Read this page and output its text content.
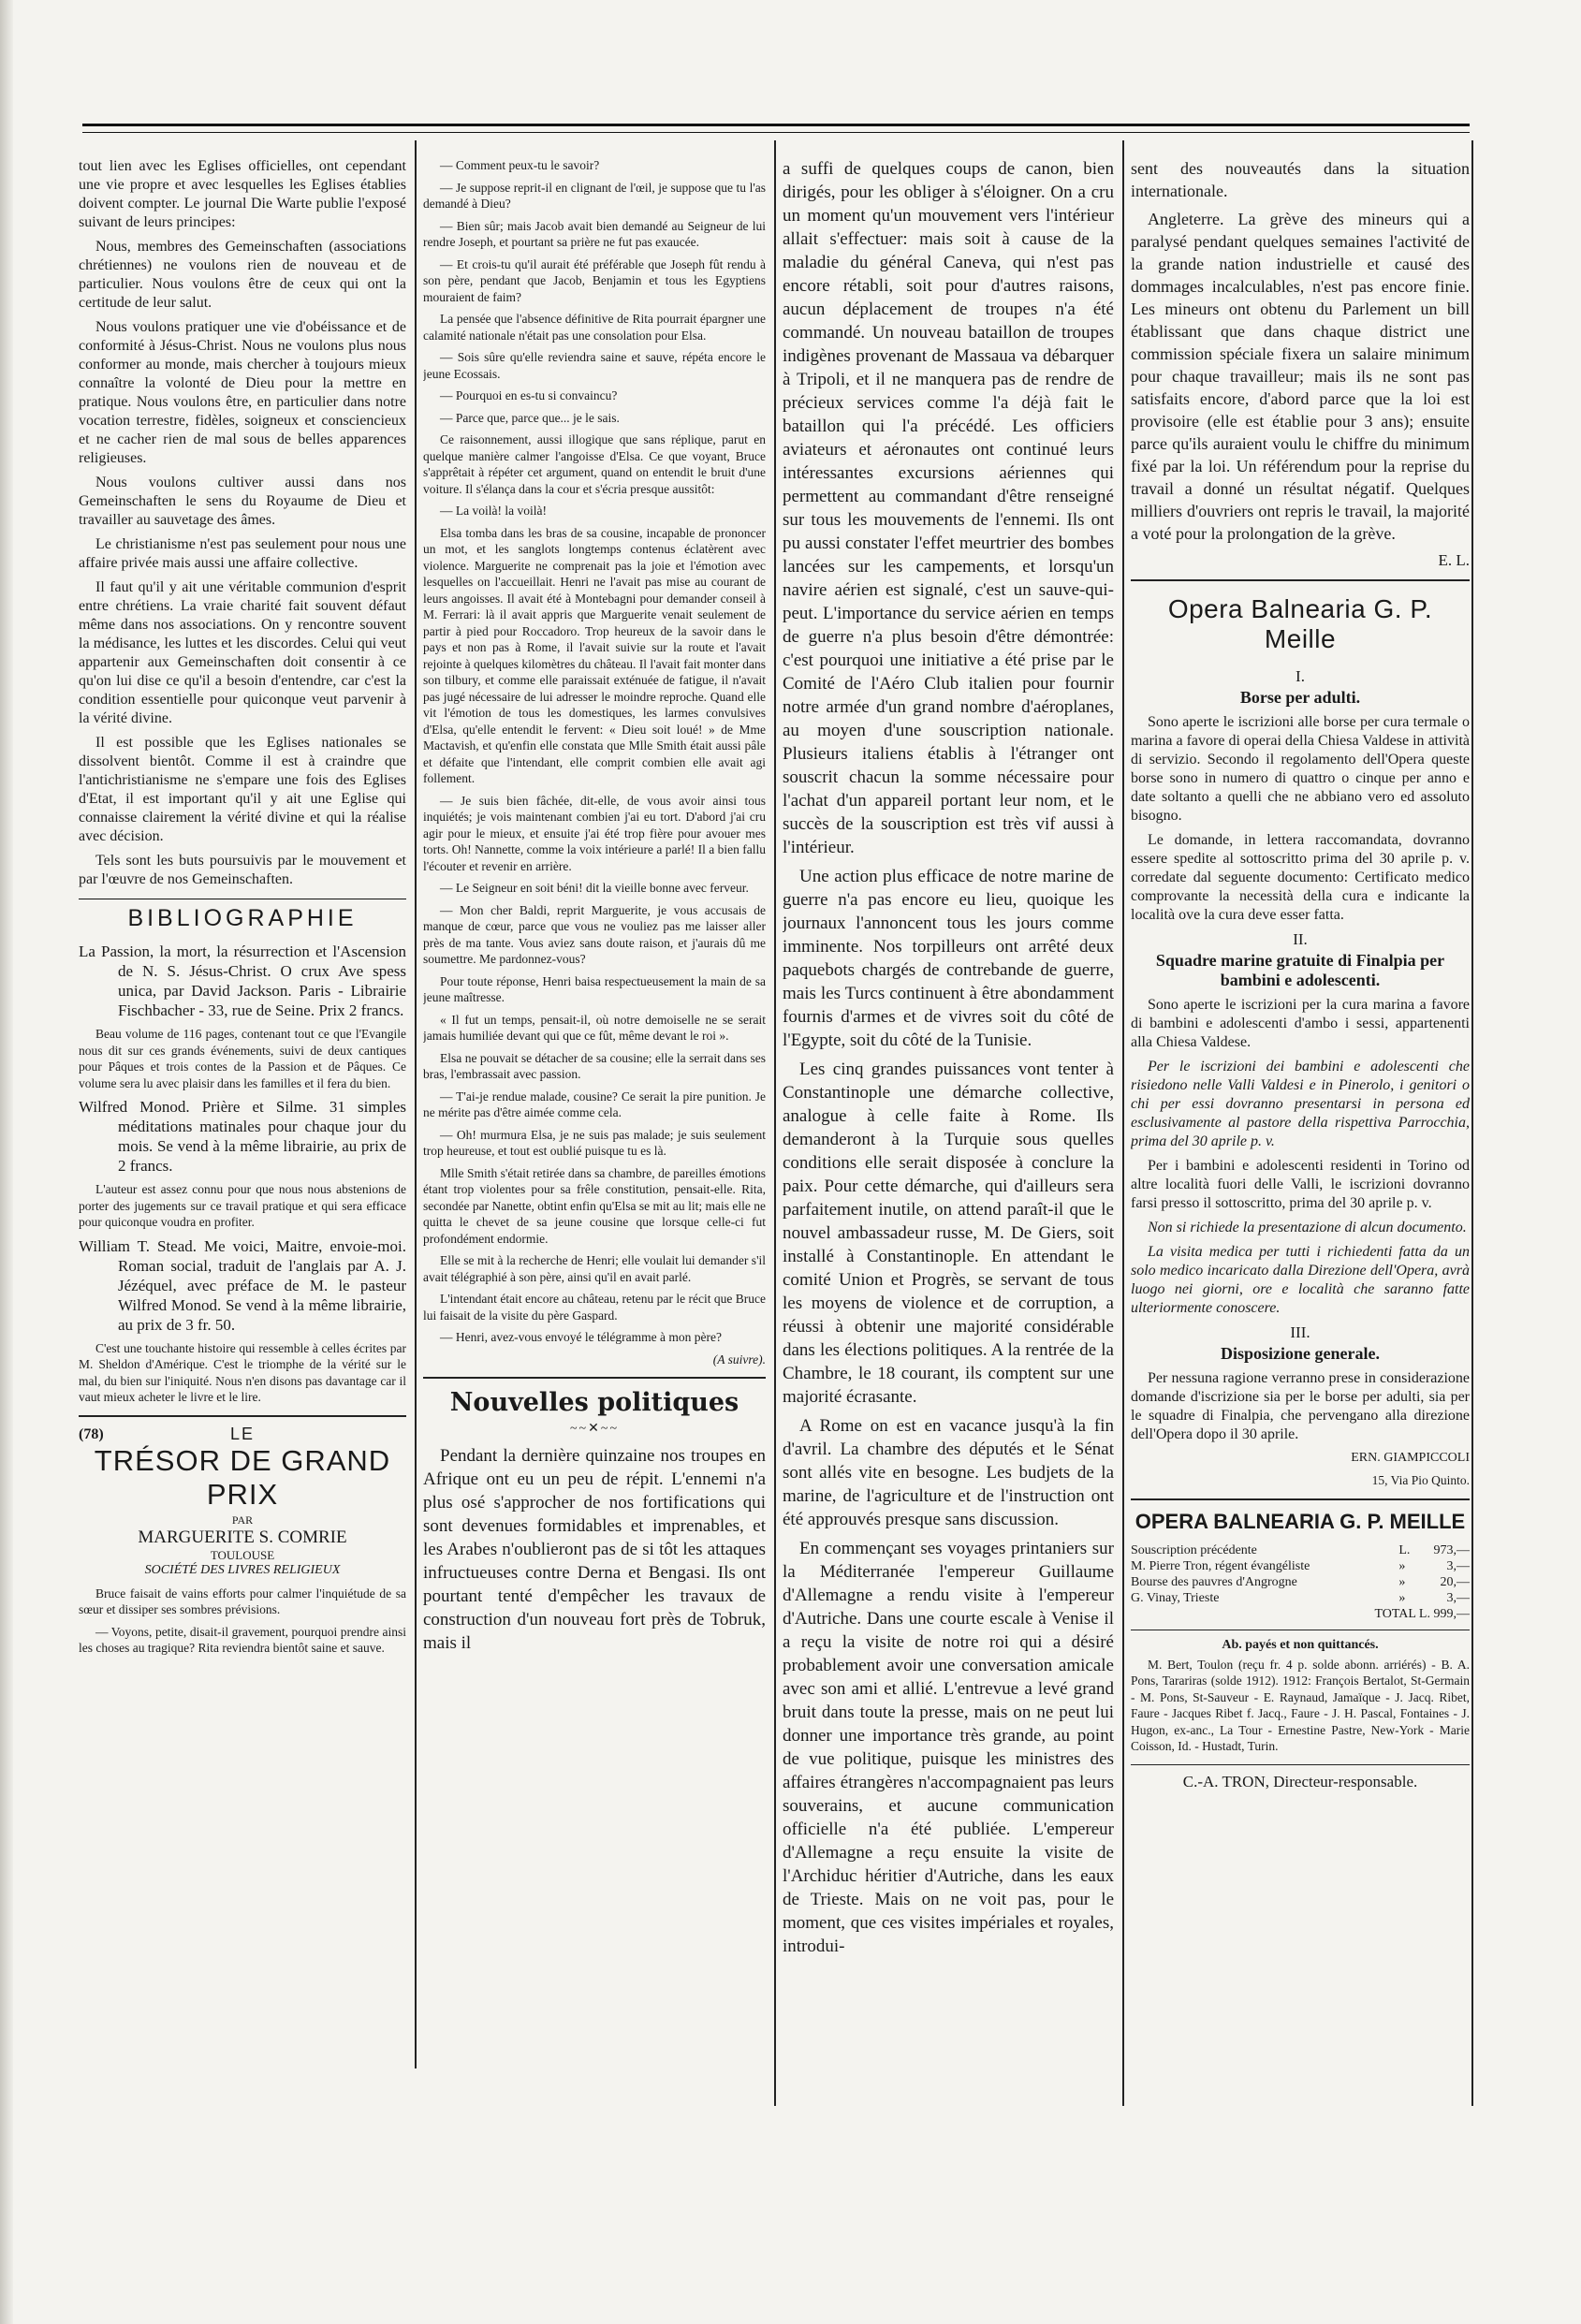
tout lien avec les Eglises officielles, ont cependant une vie propre et avec lesquelles les Eglises établies doivent compter. Le journal Die Warte publie l'exposé suivant de leurs principes:

Nous, membres des Gemeinschaften (associations chrétiennes) ne voulons rien de nouveau et de particulier. Nous voulons être de ceux qui ont la certitude de leur salut.

Nous voulons pratiquer une vie d'obéissance et de conformité à Jésus-Christ. Nous ne voulons plus nous conformer au monde, mais chercher à toujours mieux connaître la volonté de Dieu pour la mettre en pratique. Nous voulons être, en particulier dans notre vocation terrestre, fidèles, soigneux et consciencieux et ne cacher rien de mal sous de belles apparences religieuses.

Nous voulons cultiver aussi dans nos Gemeinschaften le sens du Royaume de Dieu et travailler au sauvetage des âmes.

Le christianisme n'est pas seulement pour nous une affaire privée mais aussi une affaire collective.

Il faut qu'il y ait une véritable communion d'esprit entre chrétiens. La vraie charité fait souvent défaut même dans nos associations. On y rencontre souvent la médisance, les luttes et les discordes. Celui qui veut appartenir aux Gemeinschaften doit consentir à ce qu'on lui dise ce qu'il a besoin d'entendre, car c'est la condition essentielle pour quiconque veut parvenir à la vérité divine.

Il est possible que les Eglises nationales se dissolvent bientôt. Comme il est à craindre que l'antichristianisme ne s'empare une fois des Eglises d'Etat, il est important qu'il y ait une Eglise qui connaisse clairement la vérité divine et qui la réalise avec décision.

Tels sont les buts poursuivis par le mouvement et par l'œuvre de nos Gemeinschaften.

BIBLIOGRAPHIE

La Passion, la mort, la résurrection et l'Ascension de N. S. Jésus-Christ. O crux Ave spess unica, par David Jackson. Paris - Librairie Fischbacher - 33, rue de Seine. Prix 2 francs.

Beau volume de 116 pages, contenant tout ce que l'Evangile nous dit sur ces grands événements, suivi de deux cantiques pour Pâques et trois contes de la Passion et de Pâques. Ce volume sera lu avec plaisir dans les familles et il fera du bien.

Wilfred Monod. Prière et Silme. 31 simples méditations matinales pour chaque jour du mois. Se vend à la même librairie, au prix de 2 francs.

L'auteur est assez connu pour que nous nous abstenions de porter des jugements sur ce travail pratique et qui sera efficace pour quiconque voudra en profiter.

William T. Stead. Me voici, Maitre, envoie-moi. Roman social, traduit de l'anglais par A. J. Jézéquel, avec préface de M. le pasteur Wilfred Monod. Se vend à la même librairie, au prix de 3 fr. 50.

C'est une touchante histoire qui ressemble à celles écrites par M. Sheldon d'Amérique. C'est le triomphe de la vérité sur le mal, du bien sur l'iniquité. Nous n'en disons pas davantage car il vaut mieux acheter le livre et le lire.

(78)	LE
TRÉSOR DE GRAND PRIX
PAR
MARGUERITE S. COMRIE
TOULOUSE
SOCIÉTÉ DES LIVRES RELIGIEUX

Bruce faisait de vains efforts pour calmer l'inquiétude de sa sœur et dissiper ses sombres prévisions.

— Voyons, petite, disait-il gravement, pourquoi prendre ainsi les choses au tragique? Rita reviendra bientôt saine et sauve.

— Comment peux-tu le savoir?

— Je suppose reprit-il en clignant de l'œil, je suppose que tu l'as demandé à Dieu?

— Bien sûr; mais Jacob avait bien demandé au Seigneur de lui rendre Joseph, et pourtant sa prière ne fut pas exaucée.

— Et crois-tu qu'il aurait été préférable que Joseph fût rendu à son père, pendant que Jacob, Benjamin et tous les Egyptiens mouraient de faim?

La pensée que l'absence définitive de Rita pourrait épargner une calamité nationale n'était pas une consolation pour Elsa.

— Sois sûre qu'elle reviendra saine et sauve, répéta encore le jeune Ecossais.

— Pourquoi en es-tu si convaincu?

— Parce que, parce que... je le sais.

Ce raisonnement, aussi illogique que sans réplique, parut en quelque manière calmer l'angoisse d'Elsa. Ce que voyant, Bruce s'apprêtait à répéter cet argument, quand on entendit le bruit d'une voiture. Il s'élança dans la cour et s'écria presque aussitôt:

— La voilà! la voilà!

Elsa tomba dans les bras de sa cousine, incapable de prononcer un mot, et les sanglots longtemps contenus éclatèrent avec violence. Marguerite ne comprenait pas la joie et l'émotion avec lesquelles on l'accueillait. Henri ne l'avait pas mise au courant de leurs angoisses. Il avait été à Montebagni pour demander conseil à M. Ferrari: là il avait appris que Marguerite venait seulement de partir à pied pour Roccadoro. Trop heureux de la savoir dans le pays et non pas à Rome, il l'avait suivie sur la route et l'avait rejointe à quelques kilomètres du château. Il l'avait fait monter dans son tilbury, et comme elle paraissait exténuée de fatigue, il n'avait pas jugé nécessaire de lui adresser le moindre reproche. Quand elle vit l'émotion de tous les domestiques, les larmes convulsives d'Elsa, qu'elle entendit le fervent: « Dieu soit loué! » de Mme Mactavish, et qu'enfin elle constata que Mlle Smith était aussi pâle et défaite que l'intendant, elle comprit combien elle avait agi follement.

— Je suis bien fâchée, dit-elle, de vous avoir ainsi tous inquiétés; je vois maintenant combien j'ai eu tort. D'abord j'ai cru agir pour le mieux, et ensuite j'ai été trop fière pour avouer mes torts. Oh! Nannette, comme la voix intérieure a parlé! Il a bien fallu l'écouter et revenir en arrière.

— Le Seigneur en soit béni! dit la vieille bonne avec ferveur.

— Mon cher Baldi, reprit Marguerite, je vous accusais de manque de cœur, parce que vous ne vouliez pas me laisser aller près de ma tante. Vous aviez sans doute raison, et j'aurais dû me soumettre. Me pardonnez-vous?

Pour toute réponse, Henri baisa respectueusement la main de sa jeune maîtresse.

« Il fut un temps, pensait-il, où notre demoiselle ne se serait jamais humiliée devant qui que ce fût, même devant le roi ».

Elsa ne pouvait se détacher de sa cousine; elle la serrait dans ses bras, l'embrassait avec passion.

— T'ai-je rendue malade, cousine? Ce serait la pire punition. Je ne mérite pas d'être aimée comme cela.

— Oh! murmura Elsa, je ne suis pas malade; je suis seulement trop heureuse, et tout est oublié puisque tu es là.

Mlle Smith s'était retirée dans sa chambre, de pareilles émotions étant trop violentes pour sa frêle constitution, pensait-elle. Rita, secondée par Nanette, obtint enfin qu'Elsa se mit au lit; mais elle ne quitta le chevet de sa jeune cousine que lorsque celle-ci fut profondément endormie.

Elle se mit à la recherche de Henri; elle voulait lui demander s'il avait télégraphié à son père, ainsi qu'il en avait parlé.

L'intendant était encore au château, retenu par le récit que Bruce lui faisait de la visite du père Gaspard.

— Henri, avez-vous envoyé le télégramme à mon père?

(A suivre).

Nouvelles politiques
~~✕~~

Pendant la dernière quinzaine nos troupes en Afrique ont eu un peu de répit. L'ennemi n'a plus osé s'approcher de nos fortifications qui sont devenues formidables et imprenables, et les Arabes n'oublieront pas de si tôt les attaques infructueuses contre Derna et Bengasi. Ils ont pourtant tenté d'empêcher les travaux de construction d'un nouveau fort près de Tobruk, mais il

a suffi de quelques coups de canon, bien dirigés, pour les obliger à s'éloigner. On a cru un moment qu'un mouvement vers l'intérieur allait s'effectuer: mais soit à cause de la maladie du général Caneva, qui n'est pas encore rétabli, soit pour d'autres raisons, aucun déplacement de troupes n'a été commandé. Un nouveau bataillon de troupes indigènes provenant de Massaua va débarquer à Tripoli, et il ne manquera pas de rendre de précieux services comme l'a déjà fait le bataillon qui l'a précédé. Les officiers aviateurs et aéronautes ont continué leurs intéressantes excursions aériennes qui permettent au commandant d'être renseigné sur tous les mouvements de l'ennemi. Ils ont pu aussi constater l'effet meurtrier des bombes lancées sur les campements, et lorsqu'un navire aérien est signalé, c'est un sauve-qui-peut. L'importance du service aérien en temps de guerre n'a plus besoin d'être démontrée: c'est pourquoi une initiative a été prise par le Comité de l'Aéro Club italien pour fournir notre armée d'un grand nombre d'aéroplanes, au moyen d'une souscription nationale. Plusieurs italiens établis à l'étranger ont souscrit chacun la somme nécessaire pour l'achat d'un appareil portant leur nom, et le succès de la souscription est très vif aussi à l'intérieur.

Une action plus efficace de notre marine de guerre n'a pas encore eu lieu, quoique les journaux l'annoncent tous les jours comme imminente. Nos torpilleurs ont arrêté deux paquebots chargés de contrebande de guerre, mais les Turcs continuent à être abondamment fournis d'armes et de vivres soit du côté de l'Egypte, soit du côté de la Tunisie.

Les cinq grandes puissances vont tenter à Constantinople une démarche collective, analogue à celle faite à Rome. Ils demanderont à la Turquie sous quelles conditions elle serait disposée à conclure la paix. Pour cette démarche, qui d'ailleurs sera parfaitement inutile, on attend paraît-il que le nouvel ambassadeur russe, M. De Giers, soit installé à Constantinople. En attendant le comité Union et Progrès, se servant de tous les moyens de violence et de corruption, a réussi à obtenir une majorité considérable dans les élections politiques. A la rentrée de la Chambre, le 18 courant, ils comptent sur une majorité écrasante.

A Rome on est en vacance jusqu'à la fin d'avril. La chambre des députés et le Sénat sont allés vite en besogne. Les budjets de la marine, de l'agriculture et de l'instruction ont été approuvés presque sans discussion.

En commençant ses voyages printaniers sur la Méditerranée l'empereur Guillaume d'Allemagne a rendu visite à l'empereur d'Autriche. Dans une courte escale à Venise il a reçu la visite de notre roi qui a désiré probablement avoir une conversation amicale avec son ami et allié. L'entrevue a levé grand bruit dans toute la presse, mais on ne peut lui donner une importance très grande, au point de vue politique, puisque les ministres des affaires étrangères n'accompagnaient pas leurs souverains, et aucune communication officielle n'a été publiée. L'empereur d'Allemagne a reçu ensuite la visite de l'Archiduc héritier d'Autriche, dans les eaux de Trieste. Mais on ne voit pas, pour le moment, que ces visites impériales et royales, introdui-

sent des nouveautés dans la situation internationale.

Angleterre. La grève des mineurs qui a paralysé pendant quelques semaines l'activité de la grande nation industrielle et causé des dommages incalculables, n'est pas encore finie. Les mineurs ont obtenu du Parlement un bill établissant que dans chaque district une commission spéciale fixera un salaire minimum pour chaque travailleur; mais ils ne sont pas satisfaits encore, d'abord parce que la loi est provisoire (elle est établie pour 3 ans); ensuite parce qu'ils auraient voulu le chiffre du minimum fixé par la loi. Un référendum pour la reprise du travail a donné un résultat négatif. Quelques milliers d'ouvriers ont repris le travail, la majorité a voté pour la prolongation de la grève.

E. L.

Opera Balnearia G. P. Meille
I.
Borse per adulti.

Sono aperte le iscrizioni alle borse per cura termale o marina a favore di operai della Chiesa Valdese in attività di servizio. Secondo il regolamento dell'Opera queste borse sono in numero di quattro o cinque per anno e date soltanto a quelli che ne abbiano vero ed assoluto bisogno.

Le domande, in lettera raccomandata, dovranno essere spedite al sottoscritto prima del 30 aprile p. v. corredate dal seguente documento: Certificato medico comprovante la necessità della cura e indicante la località ove la cura deve esser fatta.

II.
Squadre marine gratuite di Finalpia per bambini e adolescenti.

Sono aperte le iscrizioni per la cura marina a favore di bambini e adolescenti d'ambo i sessi, appartenenti alla Chiesa Valdese.

Per le iscrizioni dei bambini e adolescenti che risiedono nelle Valli Valdesi e in Pinerolo, i genitori o chi per essi dovranno presentarsi in persona ed esclusivamente al pastore della rispettiva Parrocchia, prima del 30 aprile p. v.

Per i bambini e adolescenti residenti in Torino od altre località fuori delle Valli, le iscrizioni dovranno farsi presso il sottoscritto, prima del 30 aprile p. v.

Non si richiede la presentazione di alcun documento.

La visita medica per tutti i richiedenti fatta da un solo medico incaricato dalla Direzione dell'Opera, avrà luogo nei giorni, ore e località che saranno fatte ulteriormente conoscere.

III.
Disposizione generale.

Per nessuna ragione verranno prese in considerazione domande d'iscrizione sia per le borse per adulti, sia per le squadre di Finalpia, che pervengano alla direzione dell'Opera dopo il 30 aprile.

ERN. GIAMPICCOLI

15, Via Pio Quinto.

OPERA BALNEARIA G. P. MEILLE
Souscription précédente	L.	973,—
M. Pierre Tron, régent évangéliste	»	3,—
Bourse des pauvres d'Angrogne	»	20,—
G. Vinay, Trieste	»	3,—
TOTAL L. 999,—
Ab. payés et non quittancés.

M. Bert, Toulon (reçu fr. 4 p. solde abonn. arriérés) - B. A. Pons, Tarariras (solde 1912). 1912: François Bertalot, St-Germain - M. Pons, St-Sauveur - E. Raynaud, Jamaïque - J. Jacq. Ribet, Faure - Jacques Ribet f. Jacq., Faure - J. H. Pascal, Fontaines - J. Hugon, ex-anc., La Tour - Ernestine Pastre, New-York - Marie Coisson, Id. - Hustadt, Turin.

C.-A. TRON, Directeur-responsable.
